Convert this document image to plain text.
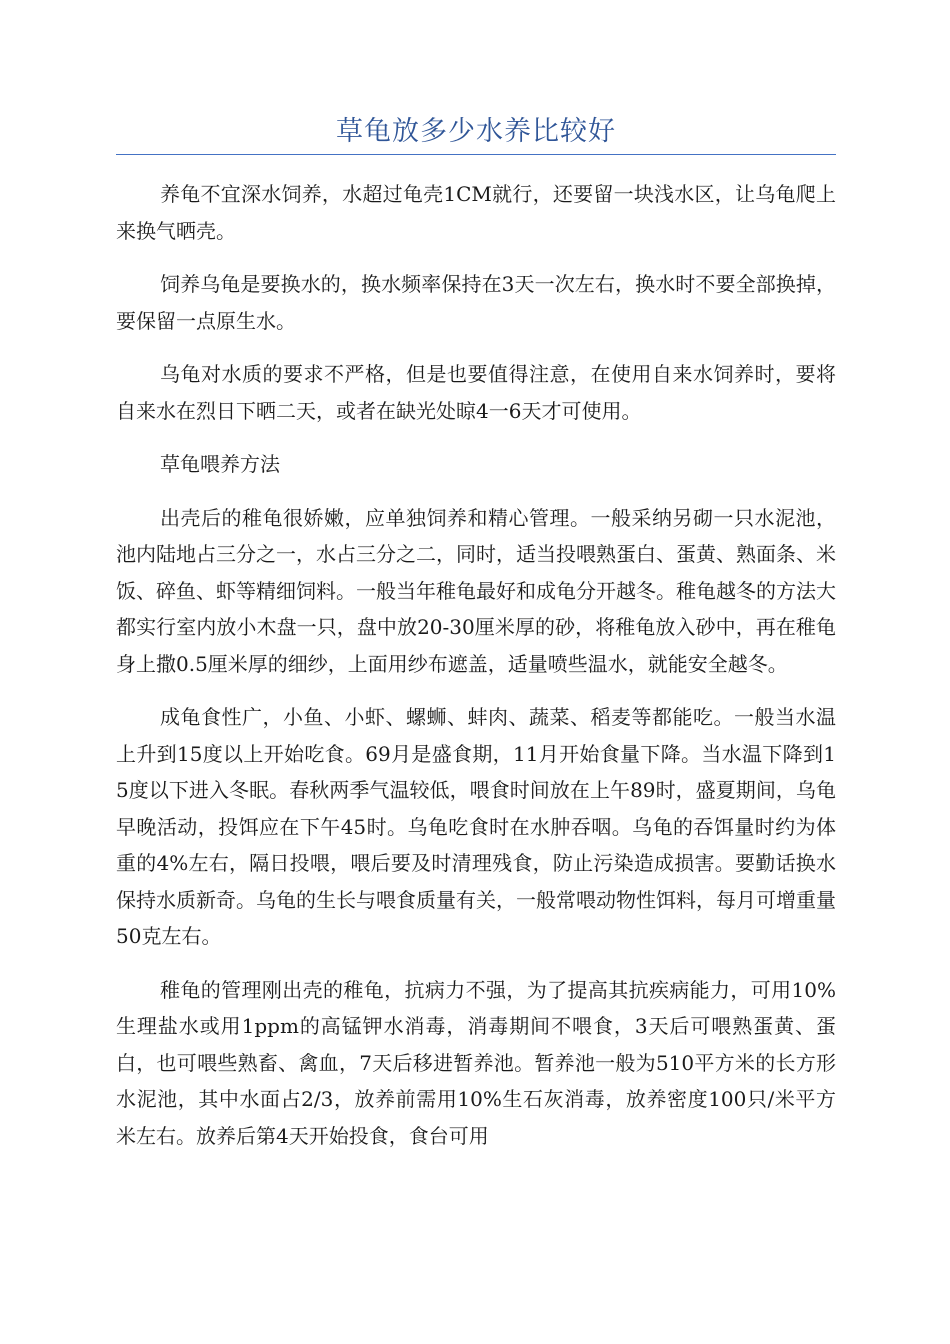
草龟放多少水养比较好

养龟不宜深水饲养，水超过龟壳1CM就行，还要留一块浅水区，让乌龟爬上来换气晒壳。

饲养乌龟是要换水的，换水频率保持在3天一次左右，换水时不要全部换掉，要保留一点原生水。

乌龟对水质的要求不严格，但是也要值得注意，在使用自来水饲养时，要将自来水在烈日下晒二天，或者在缺光处晾4一6天才可使用。

草龟喂养方法

出壳后的稚龟很娇嫩，应单独饲养和精心管理。一般采纳另砌一只水泥池，池内陆地占三分之一，水占三分之二，同时，适当投喂熟蛋白、蛋黄、熟面条、米饭、碎鱼、虾等精细饲料。一般当年稚龟最好和成龟分开越冬。稚龟越冬的方法大都实行室内放小木盘一只，盘中放20-30厘米厚的砂，将稚龟放入砂中，再在稚龟身上撒0.5厘米厚的细纱，上面用纱布遮盖，适量喷些温水，就能安全越冬。

成龟食性广，小鱼、小虾、螺蛳、蚌肉、蔬菜、稻麦等都能吃。一般当水温上升到15度以上开始吃食。69月是盛食期，11月开始食量下降。当水温下降到15度以下进入冬眠。春秋两季气温较低，喂食时间放在上午89时，盛夏期间，乌龟早晚活动，投饵应在下午45时。乌龟吃食时在水肿吞咽。乌龟的吞饵量时约为体重的4%左右，隔日投喂，喂后要及时清理残食，防止污染造成损害。要勤话换水保持水质新奇。乌龟的生长与喂食质量有关，一般常喂动物性饵料，每月可增重量50克左右。

稚龟的管理刚出壳的稚龟，抗病力不强，为了提高其抗疾病能力，可用10%生理盐水或用1ppm的高锰钾水消毒，消毒期间不喂食，3天后可喂熟蛋黄、蛋白，也可喂些熟畜、禽血，7天后移进暂养池。暂养池一般为510平方米的长方形水泥池，其中水面占2/3，放养前需用10%生石灰消毒，放养密度100只/米平方米左右。放养后第4天开始投食，食台可用
